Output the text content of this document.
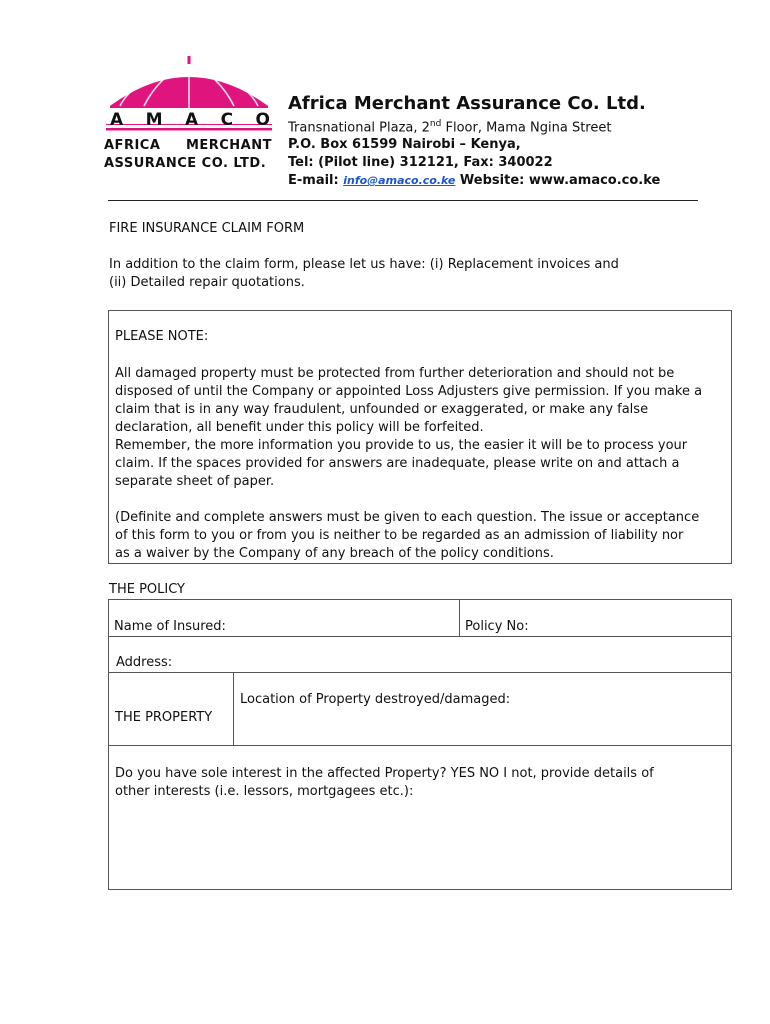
A M A C O
AFRICA MERCHANT
ASSURANCE CO. LTD.
Africa Merchant Assurance Co. Ltd.
Transnational Plaza, 2nd Floor, Mama Ngina Street
P.O. Box 61599 Nairobi – Kenya,
Tel: (Pilot line) 312121, Fax: 340022
E-mail: info@amaco.co.ke Website: www.amaco.co.ke
FIRE INSURANCE CLAIM FORM
In addition to the claim form, please let us have: (i) Replacement invoices and
(ii) Detailed repair quotations.
PLEASE NOTE:
All damaged property must be protected from further deterioration and should not be
disposed of until the Company or appointed Loss Adjusters give permission. If you make a
claim that is in any way fraudulent, unfounded or exaggerated, or make any false
declaration, all benefit under this policy will be forfeited.
Remember, the more information you provide to us, the easier it will be to process your
claim. If the spaces provided for answers are inadequate, please write on and attach a
separate sheet of paper.
(Definite and complete answers must be given to each question. The issue or acceptance
of this form to you or from you is neither to be regarded as an admission of liability nor
as a waiver by the Company of any breach of the policy conditions.
THE POLICY
Name of Insured:	Policy No:
Address:
THE PROPERTY
Location of Property destroyed/damaged:
Do you have sole interest in the affected Property? YES NO I not, provide details of
other interests (i.e. lessors, mortgagees etc.):
